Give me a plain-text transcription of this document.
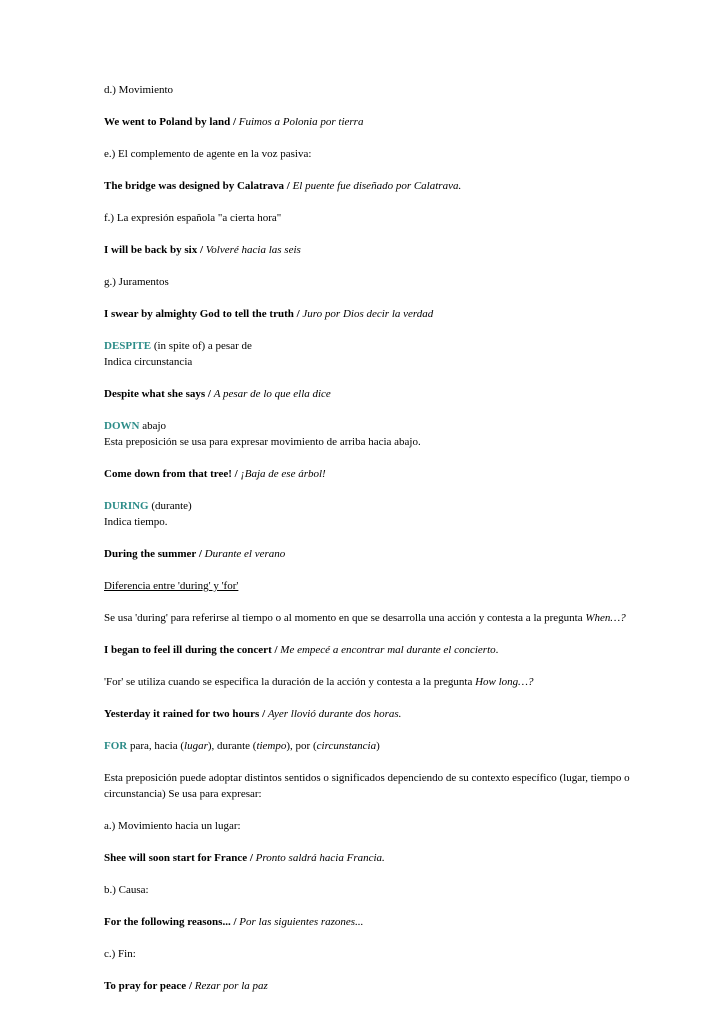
d.) Movimiento

We went to Poland by land / Fuimos a Polonia por tierra

e.) El complemento de agente en la voz pasiva:

The bridge was designed by Calatrava / El puente fue diseñado por Calatrava.

f.) La expresión española "a cierta hora"

I will be back by six / Volveré hacia las seis

g.) Juramentos

I swear by almighty God to tell the truth / Juro por Dios decir la verdad

DESPITE (in spite of) a pesar de

Indica circunstancia

Despite what she says / A pesar de lo que ella dice

DOWN abajo

Esta preposición se usa para expresar movimiento de arriba hacia abajo.

Come down from that tree! / ¡Baja de ese árbol!

DURING (durante)

Indica tiempo.

During the summer / Durante el verano

Diferencia entre 'during' y 'for'

Se usa 'during' para referirse al tiempo o al momento en que se desarrolla una acción y contesta a la pregunta When…?

I began to feel ill during the concert / Me empecé a encontrar mal durante el concierto.

'For' se utiliza cuando se especifica la duración de la acción y contesta a la pregunta How long…?

Yesterday it rained for two hours / Ayer llovió durante dos horas.

FOR para, hacia (lugar), durante (tiempo), por (circunstancia)

Esta preposición puede adoptar distintos sentidos o significados depenciendo de su contexto específico (lugar, tiempo o circunstancia) Se usa para expresar:

a.) Movimiento hacia un lugar:

Shee will soon start for France / Pronto saldrá hacia Francia.

b.) Causa:

For the following reasons... / Por las siguientes razones...

c.) Fin:

To pray for peace / Rezar por la paz
